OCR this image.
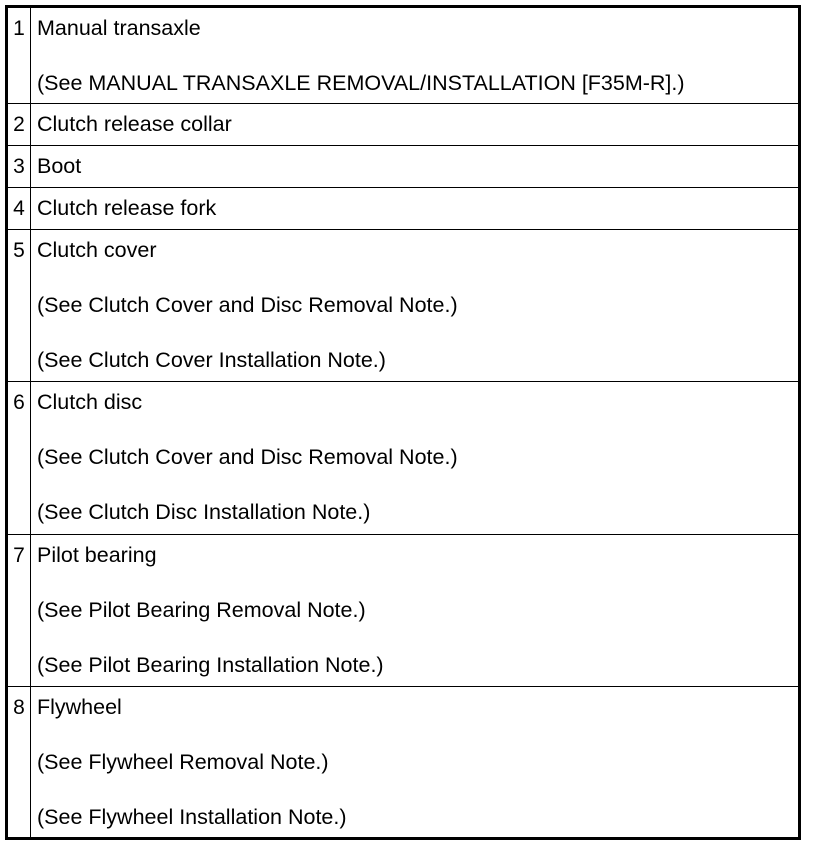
1	Manual transaxle
(See MANUAL TRANSAXLE REMOVAL/INSTALLATION [F35M-R].)

2	Clutch release collar

3	Boot

4	Clutch release fork

5	Clutch cover
(See Clutch Cover and Disc Removal Note.)
(See Clutch Cover Installation Note.)

6	Clutch disc
(See Clutch Cover and Disc Removal Note.)
(See Clutch Disc Installation Note.)

7	Pilot bearing
(See Pilot Bearing Removal Note.)
(See Pilot Bearing Installation Note.)

8	Flywheel
(See Flywheel Removal Note.)
(See Flywheel Installation Note.)
